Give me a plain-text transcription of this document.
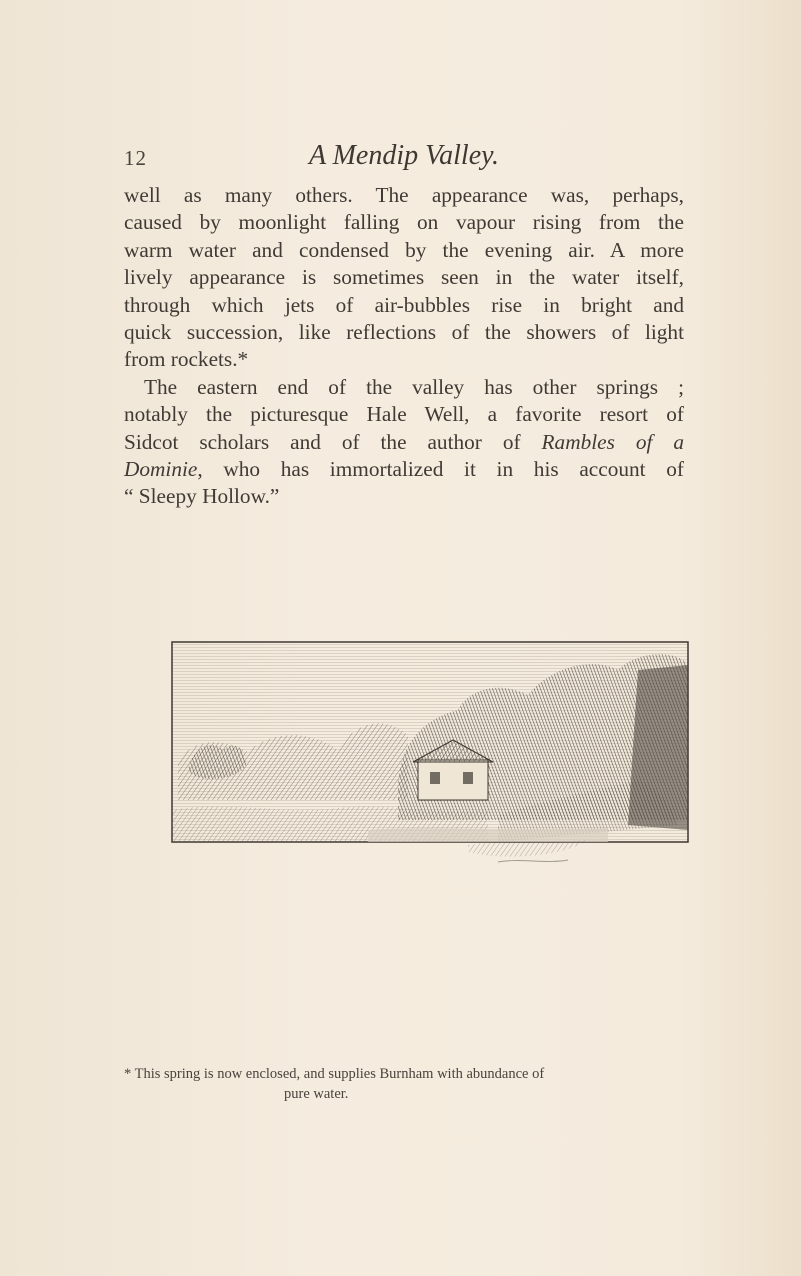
12	A Mendip Valley.

well as many others. The appearance was, perhaps,
caused by moonlight falling on vapour rising from the
warm water and condensed by the evening air. A more
lively appearance is sometimes seen in the water itself,
through which jets of air-bubbles rise in bright and
quick succession, like reflections of the showers of light
from rockets.*

The eastern end of the valley has other springs ;
notably the picturesque Hale Well, a favorite resort of
Sidcot scholars and of the author of Rambles of a
Dominie, who has immortalized it in his account of
“ Sleepy Hollow.”

* This spring is now enclosed, and supplies Burnham with abundance of
pure water.
